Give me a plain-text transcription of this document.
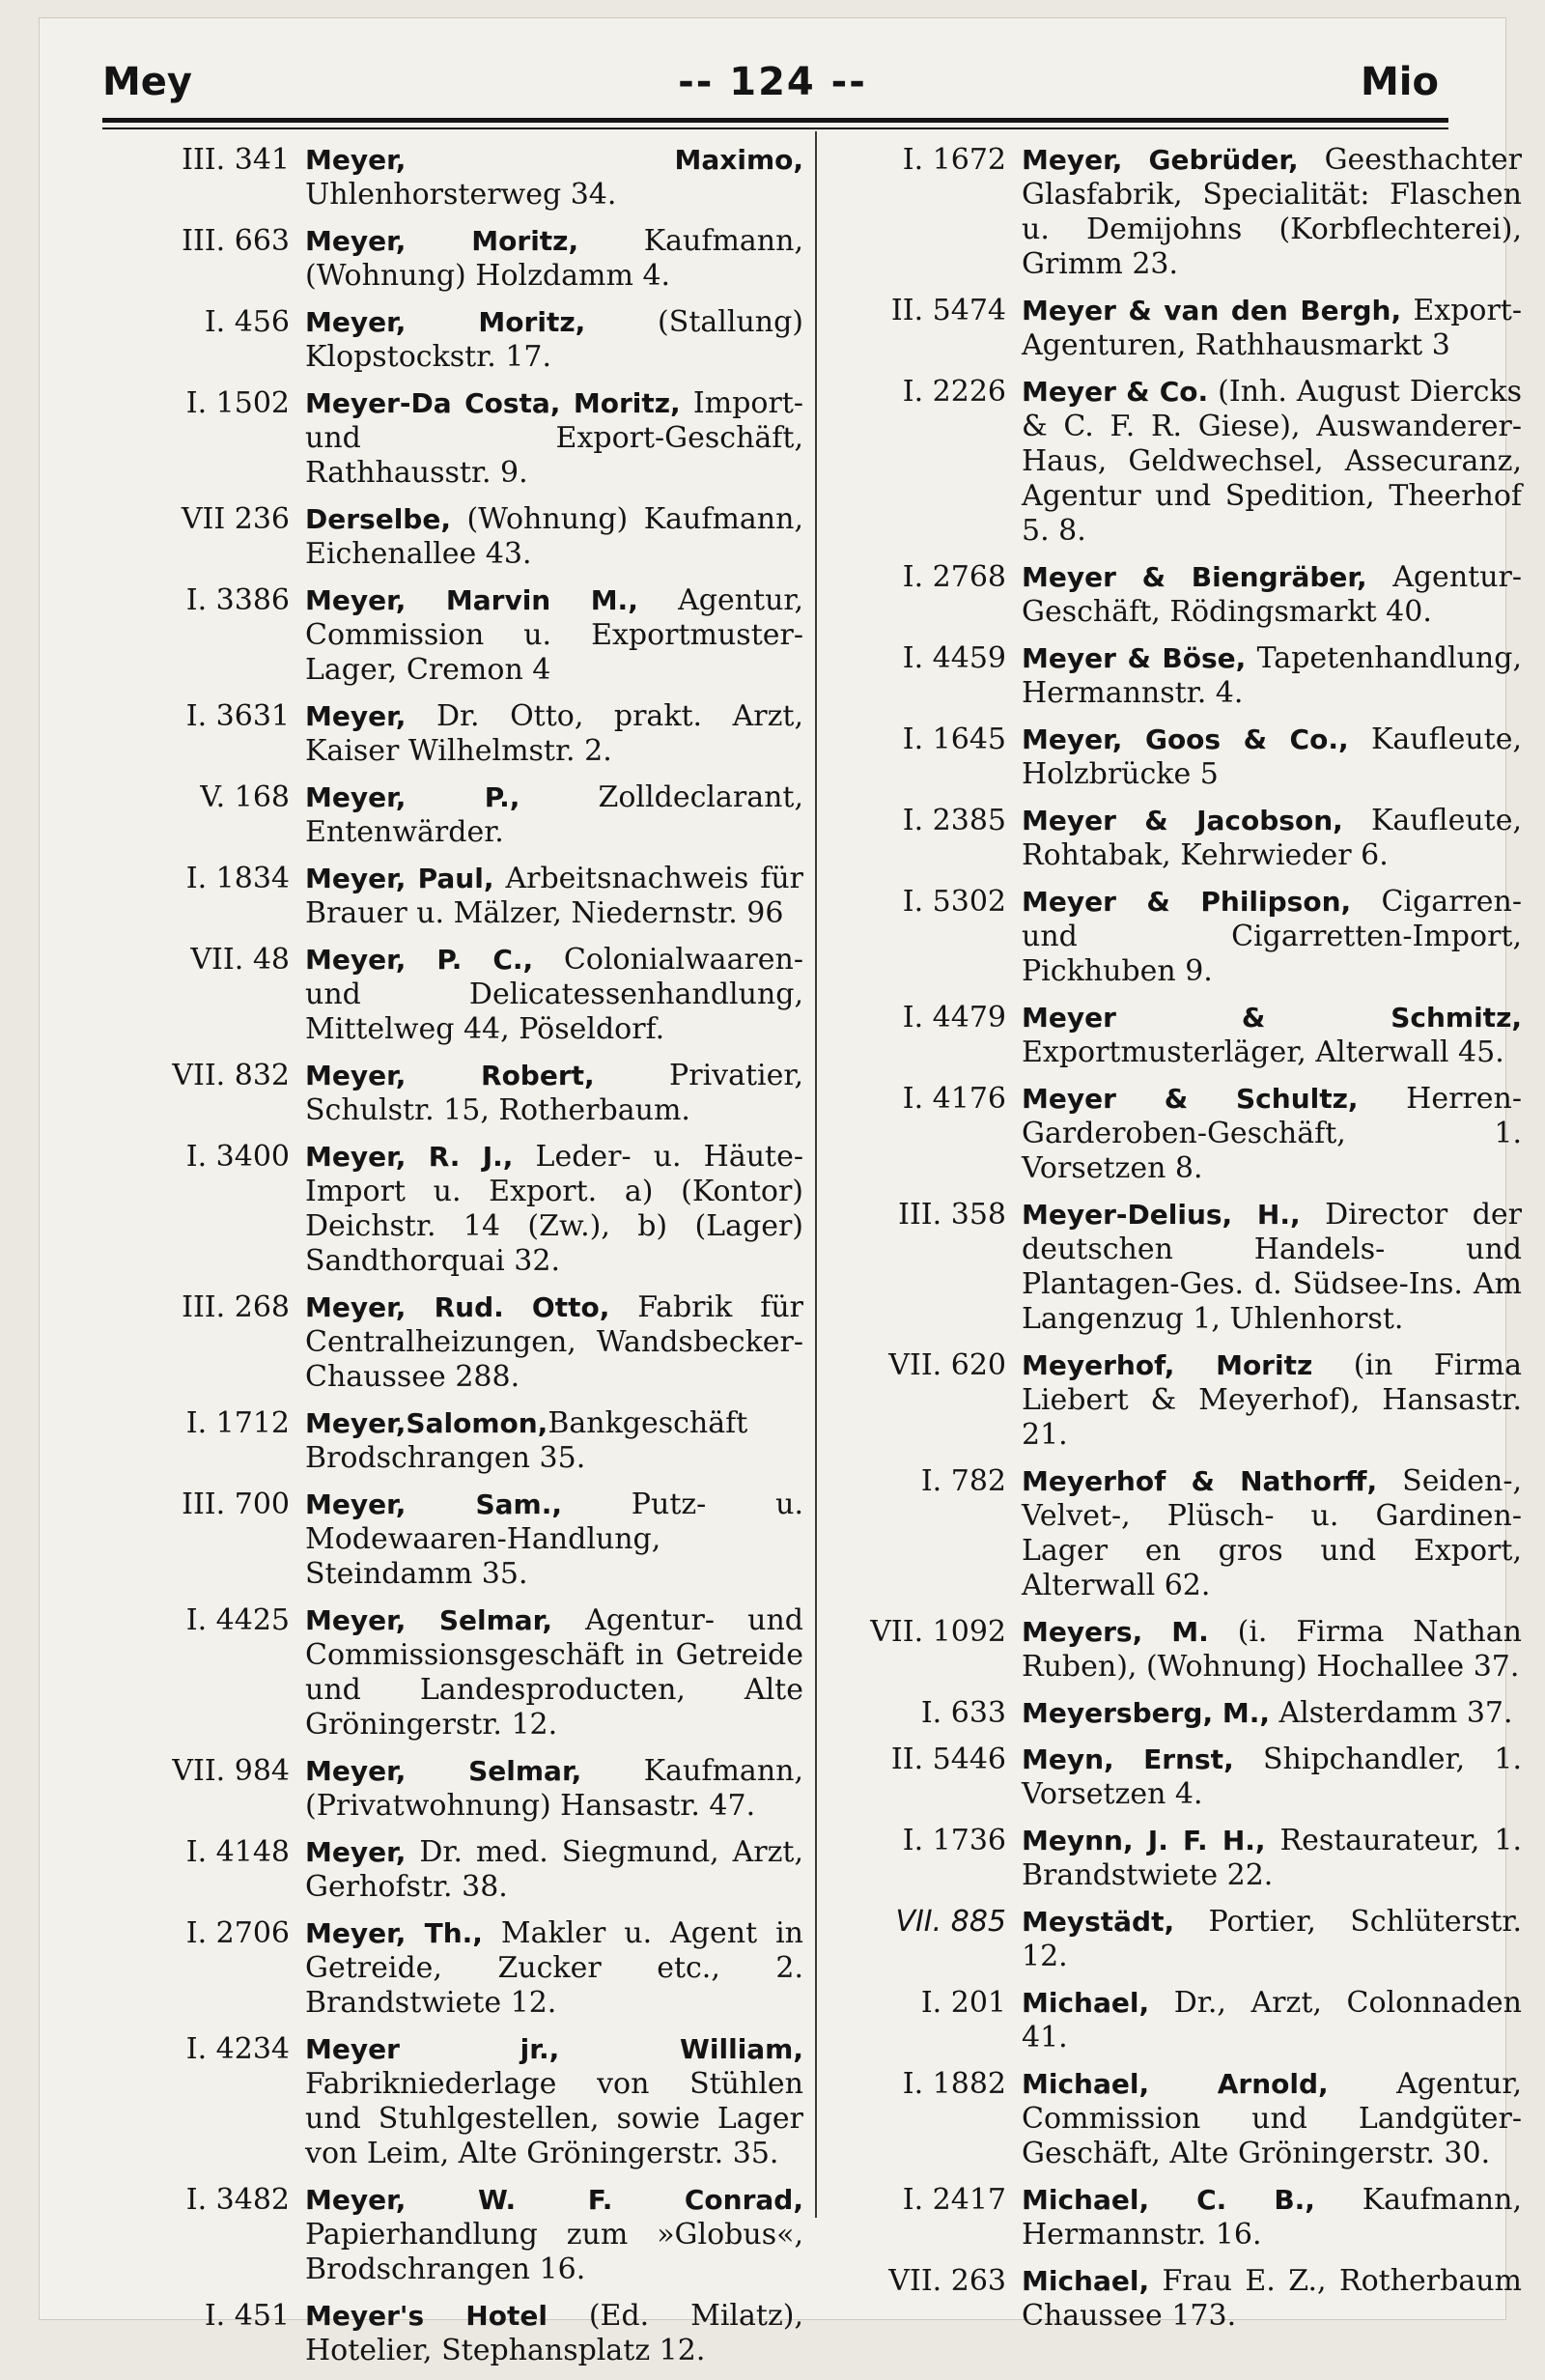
Mey	-- 124 --	Mio
III. 341 Meyer, Maximo, Uhlenhorsterweg 34.
III. 663 Meyer, Moritz, Kaufmann, (Wohnung) Holzdamm 4.
I. 456 Meyer, Moritz, (Stallung) Klopstockstr. 17.
I. 1502 Meyer-Da Costa, Moritz, Import- und Export-Geschäft, Rathhausstr. 9.
VII 236 Derselbe, (Wohnung) Kaufmann, Eichenallee 43.
I. 3386 Meyer, Marvin M., Agentur, Commission u. Exportmuster-Lager, Cremon 4
I. 3631 Meyer, Dr. Otto, prakt. Arzt, Kaiser Wilhelmstr. 2.
V. 168 Meyer, P., Zolldeclarant, Entenwärder.
I. 1834 Meyer, Paul, Arbeitsnachweis für Brauer u. Mälzer, Niedernstr. 96
VII. 48 Meyer, P. C., Colonialwaaren- und Delicatessenhandlung, Mittelweg 44, Pöseldorf.
VII. 832 Meyer, Robert, Privatier, Schulstr. 15, Rotherbaum.
I. 3400 Meyer, R. J., Leder- u. Häute-Import u. Export. a) (Kontor) Deichstr. 14 (Zw.), b) (Lager) Sandthorquai 32.
III. 268 Meyer, Rud. Otto, Fabrik für Centralheizungen, Wandsbecker-Chaussee 288.
I. 1712 Meyer,Salomon,Bankgeschäft Brodschrangen 35.
III. 700 Meyer, Sam., Putz- u. Modewaaren-Handlung, Steindamm 35.
I. 4425 Meyer, Selmar, Agentur- und Commissionsgeschäft in Getreide und Landesproducten, Alte Gröningerstr. 12.
VII. 984 Meyer, Selmar, Kaufmann, (Privatwohnung) Hansastr. 47.
I. 4148 Meyer, Dr. med. Siegmund, Arzt, Gerhofstr. 38.
I. 2706 Meyer, Th., Makler u. Agent in Getreide, Zucker etc., 2. Brandstwiete 12.
I. 4234 Meyer jr., William, Fabrikniederlage von Stühlen und Stuhlgestellen, sowie Lager von Leim, Alte Gröningerstr. 35.
I. 3482 Meyer, W. F. Conrad, Papierhandlung zum »Globus«, Brodschrangen 16.
I. 451 Meyer's Hotel (Ed. Milatz), Hotelier, Stephansplatz 12.
I. 1672 Meyer, Gebrüder, Geesthachter Glasfabrik, Specialität: Flaschen u. Demijohns (Korbflechterei), Grimm 23.
II. 5474 Meyer & van den Bergh, Export-Agenturen, Rathhausmarkt 3
I. 2226 Meyer & Co. (Inh. August Diercks & C. F. R. Giese), Auswanderer-Haus, Geldwechsel, Assecuranz, Agentur und Spedition, Theerhof 5. 8.
I. 2768 Meyer & Biengräber, Agentur-Geschäft, Rödingsmarkt 40.
I. 4459 Meyer & Böse, Tapetenhandlung, Hermannstr. 4.
I. 1645 Meyer, Goos & Co., Kaufleute, Holzbrücke 5
I. 2385 Meyer & Jacobson, Kaufleute, Rohtabak, Kehrwieder 6.
I. 5302 Meyer & Philipson, Cigarren- und Cigarretten-Import, Pickhuben 9.
I. 4479 Meyer & Schmitz, Exportmusterläger, Alterwall 45.
I. 4176 Meyer & Schultz, Herren-Garderoben-Geschäft, 1. Vorsetzen 8.
III. 358 Meyer-Delius, H., Director der deutschen Handels- und Plantagen-Ges. d. Südsee-Ins. Am Langenzug 1, Uhlenhorst.
VII. 620 Meyerhof, Moritz (in Firma Liebert & Meyerhof), Hansastr. 21.
I. 782 Meyerhof & Nathorff, Seiden-, Velvet-, Plüsch- u. Gardinen-Lager en gros und Export, Alterwall 62.
VII. 1092 Meyers, M. (i. Firma Nathan Ruben), (Wohnung) Hochallee 37.
I. 633 Meyersberg, M., Alsterdamm 37.
II. 5446 Meyn, Ernst, Shipchandler, 1. Vorsetzen 4.
I. 1736 Meynn, J. F. H., Restaurateur, 1. Brandstwiete 22.
VII. 885 Meystädt, Portier, Schlüterstr. 12.
I. 201 Michael, Dr., Arzt, Colonnaden 41.
I. 1882 Michael, Arnold, Agentur, Commission und Landgüter-Geschäft, Alte Gröningerstr. 30.
I. 2417 Michael, C. B., Kaufmann, Hermannstr. 16.
VII. 263 Michael, Frau E. Z., Rotherbaum Chaussee 173.
